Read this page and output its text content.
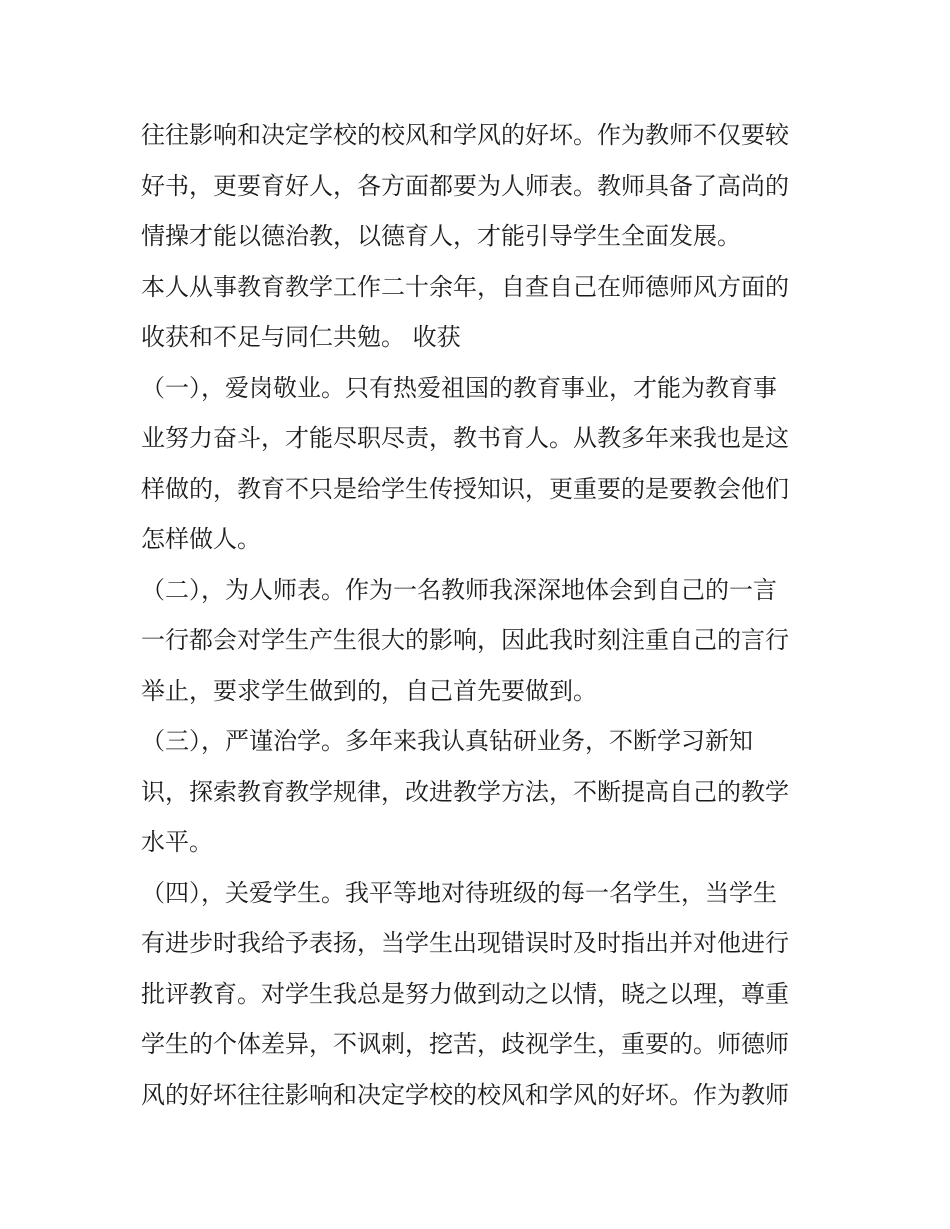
往往影响和决定学校的校风和学风的好坏。作为教师不仅要较
好书，更要育好人，各方面都要为人师表。教师具备了高尚的
情操才能以德治教，以德育人，才能引导学生全面发展。
本人从事教育教学工作二十余年，自查自己在师德师风方面的
收获和不足与同仁共勉。 收获
（一），爱岗敬业。只有热爱祖国的教育事业，才能为教育事
业努力奋斗，才能尽职尽责，教书育人。从教多年来我也是这
样做的，教育不只是给学生传授知识，更重要的是要教会他们
怎样做人。
（二），为人师表。作为一名教师我深深地体会到自己的一言
一行都会对学生产生很大的影响，因此我时刻注重自己的言行
举止，要求学生做到的，自己首先要做到。
（三），严谨治学。多年来我认真钻研业务，不断学习新知
识，探索教育教学规律，改进教学方法，不断提高自己的教学
水平。
（四），关爱学生。我平等地对待班级的每一名学生，当学生
有进步时我给予表扬，当学生出现错误时及时指出并对他进行
批评教育。对学生我总是努力做到动之以情，晓之以理，尊重
学生的个体差异，不讽刺，挖苦，歧视学生，重要的。师德师
风的好坏往往影响和决定学校的校风和学风的好坏。作为教师
